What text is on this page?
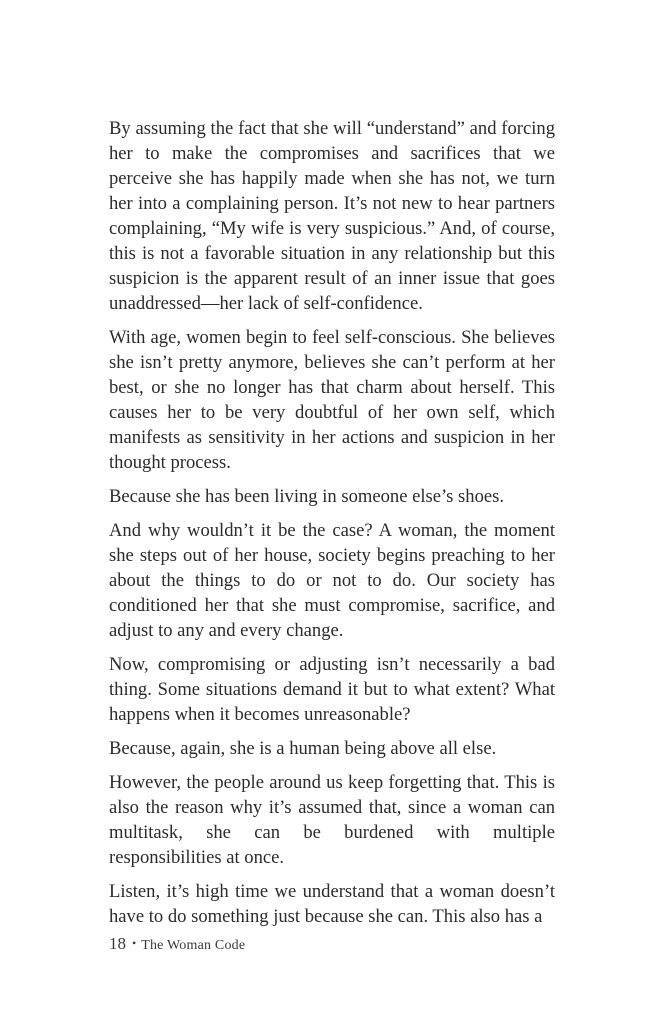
By assuming the fact that she will “understand” and forcing her to make the compromises and sacrifices that we perceive she has happily made when she has not, we turn her into a complaining person. It’s not new to hear partners complaining, “My wife is very suspicious.” And, of course, this is not a favorable situation in any relationship but this suspicion is the apparent result of an inner issue that goes unaddressed—her lack of self-confidence.

With age, women begin to feel self-conscious. She believes she isn’t pretty anymore, believes she can’t perform at her best, or she no longer has that charm about herself. This causes her to be very doubtful of her own self, which manifests as sensitivity in her actions and suspicion in her thought process.

Because she has been living in someone else’s shoes.

And why wouldn’t it be the case? A woman, the moment she steps out of her house, society begins preaching to her about the things to do or not to do. Our society has conditioned her that she must compromise, sacrifice, and adjust to any and every change.

Now, compromising or adjusting isn’t necessarily a bad thing. Some situations demand it but to what extent? What happens when it becomes unreasonable?

Because, again, she is a human being above all else.

However, the people around us keep forgetting that. This is also the reason why it’s assumed that, since a woman can multitask, she can be burdened with multiple responsibilities at once.

Listen, it’s high time we understand that a woman doesn’t have to do something just because she can. This also has a

18 • The Woman Code
